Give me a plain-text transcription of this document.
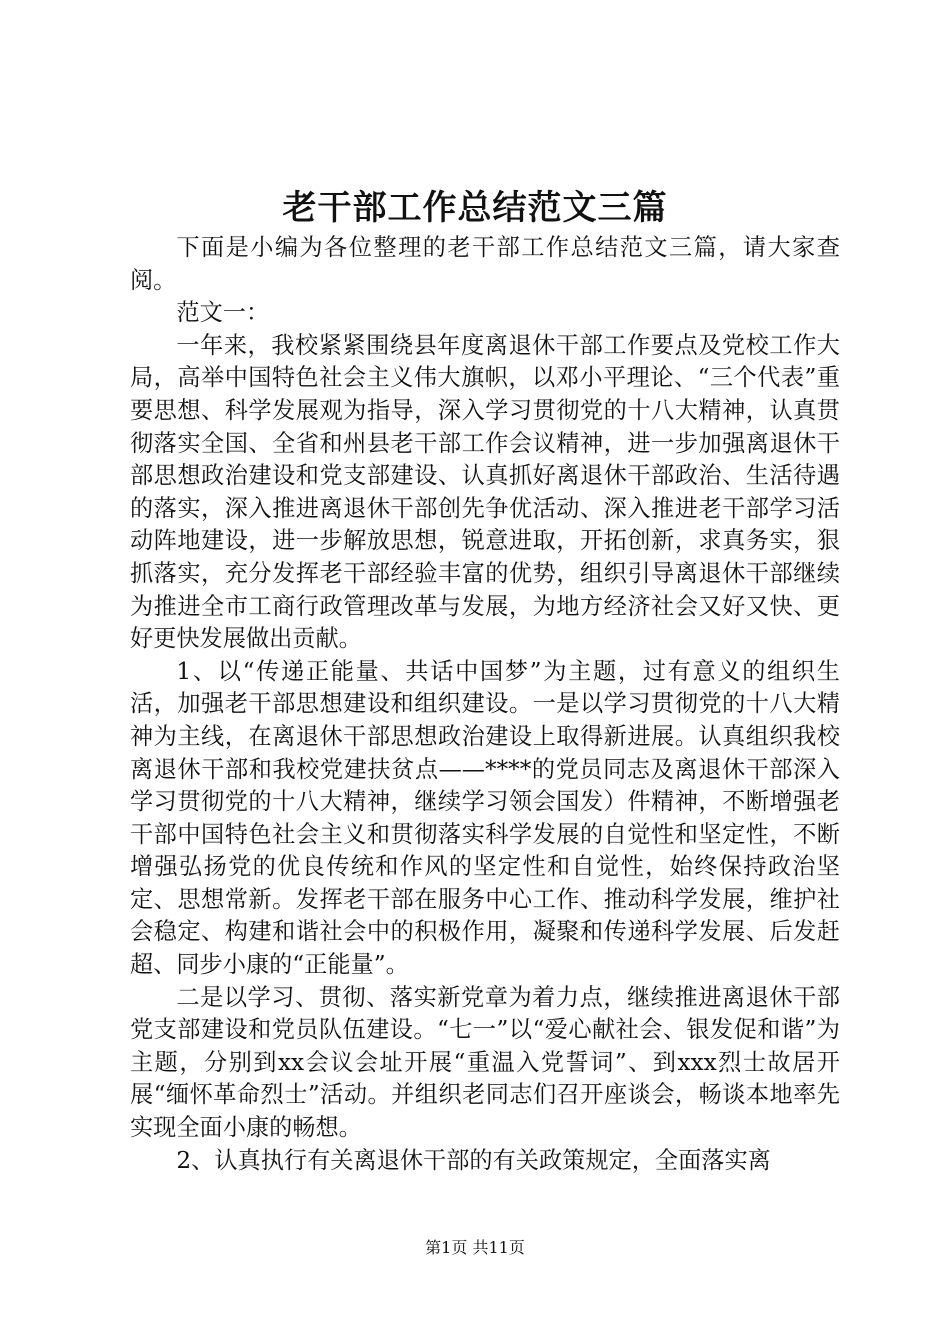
老干部工作总结范文三篇

下面是小编为各位整理的老干部工作总结范文三篇，请大家查阅。

范文一：

一年来，我校紧紧围绕县年度离退休干部工作要点及党校工作大局，高举中国特色社会主义伟大旗帜，以邓小平理论、“三个代表”重要思想、科学发展观为指导，深入学习贯彻党的十八大精神，认真贯彻落实全国、全省和州县老干部工作会议精神，进一步加强离退休干部思想政治建设和党支部建设、认真抓好离退休干部政治、生活待遇的落实，深入推进离退休干部创先争优活动、深入推进老干部学习活动阵地建设，进一步解放思想，锐意进取，开拓创新，求真务实，狠抓落实，充分发挥老干部经验丰富的优势，组织引导离退休干部继续为推进全市工商行政管理改革与发展，为地方经济社会又好又快、更好更快发展做出贡献。

1、以“传递正能量、共话中国梦”为主题，过有意义的组织生活，加强老干部思想建设和组织建设。一是以学习贯彻党的十八大精神为主线，在离退休干部思想政治建设上取得新进展。认真组织我校离退休干部和我校党建扶贫点——****的党员同志及离退休干部深入学习贯彻党的十八大精神，继续学习领会国发）件精神，不断增强老干部中国特色社会主义和贯彻落实科学发展的自觉性和坚定性，不断增强弘扬党的优良传统和作风的坚定性和自觉性，始终保持政治坚定、思想常新。发挥老干部在服务中心工作、推动科学发展，维护社会稳定、构建和谐社会中的积极作用，凝聚和传递科学发展、后发赶超、同步小康的“正能量”。

二是以学习、贯彻、落实新党章为着力点，继续推进离退休干部党支部建设和党员队伍建设。“七一”以“爱心献社会、银发促和谐”为主题，分别到xx会议会址开展“重温入党誓词”、到xxx烈士故居开展“缅怀革命烈士”活动。并组织老同志们召开座谈会，畅谈本地率先实现全面小康的畅想。

2、认真执行有关离退休干部的有关政策规定，全面落实离

第1页 共11页
